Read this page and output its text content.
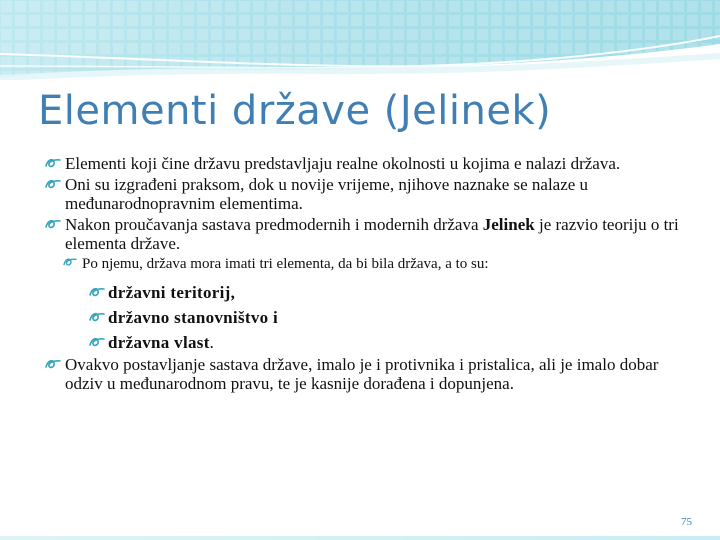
Elementi države (Jelinek)
Elementi koji čine državu predstavljaju realne okolnosti u kojima e nalazi država.
Oni su izgrađeni praksom, dok u novije vrijeme, njihove naznake se nalaze u međunarodnopravnim elementima.
Nakon proučavanja sastava predmodernih i modernih država Jelinek je razvio teoriju o tri elementa države.
Po njemu, država mora imati tri elementa, da bi bila država, a to su:
državni teritorij,
državno stanovništvo i
državna vlast.
Ovakvo postavljanje sastava države, imalo je i protivnika i pristalica, ali je imalo dobar odziv u međunarodnom pravu, te je kasnije dorađena i dopunjena.
75
